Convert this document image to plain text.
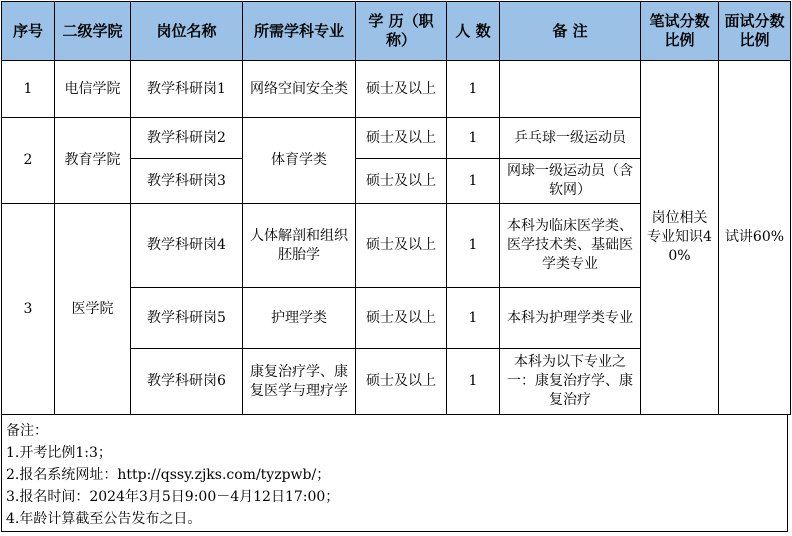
序号	二级学院	岗位名称	所需学科专业	学 历（职称）	人 数	备 注	笔试分数比例	面试分数比例
1	电信学院	教学科研岗1	网络空间安全类	硕士及以上	1		岗位相关专业知识40%	试讲60%
2	教育学院	教学科研岗2	体育学类	硕士及以上	1	乒乓球一级运动员		
		教学科研岗3		硕士及以上	1	网球一级运动员（含软网）		
3	医学院	教学科研岗4	人体解剖和组织胚胎学	硕士及以上	1	本科为临床医学类、医学技术类、基础医学类专业		
		教学科研岗5	护理学类	硕士及以上	1	本科为护理学类专业		
		教学科研岗6	康复治疗学、康复医学与理疗学	硕士及以上	1	本科为以下专业之一：康复治疗学、康复治疗		
备注：
1.开考比例1:3；
2.报名系统网址：http://qssy.zjks.com/tyzpwb/；
3.报名时间：2024年3月5日9:00－4月12日17:00；
4.年龄计算截至公告发布之日。
